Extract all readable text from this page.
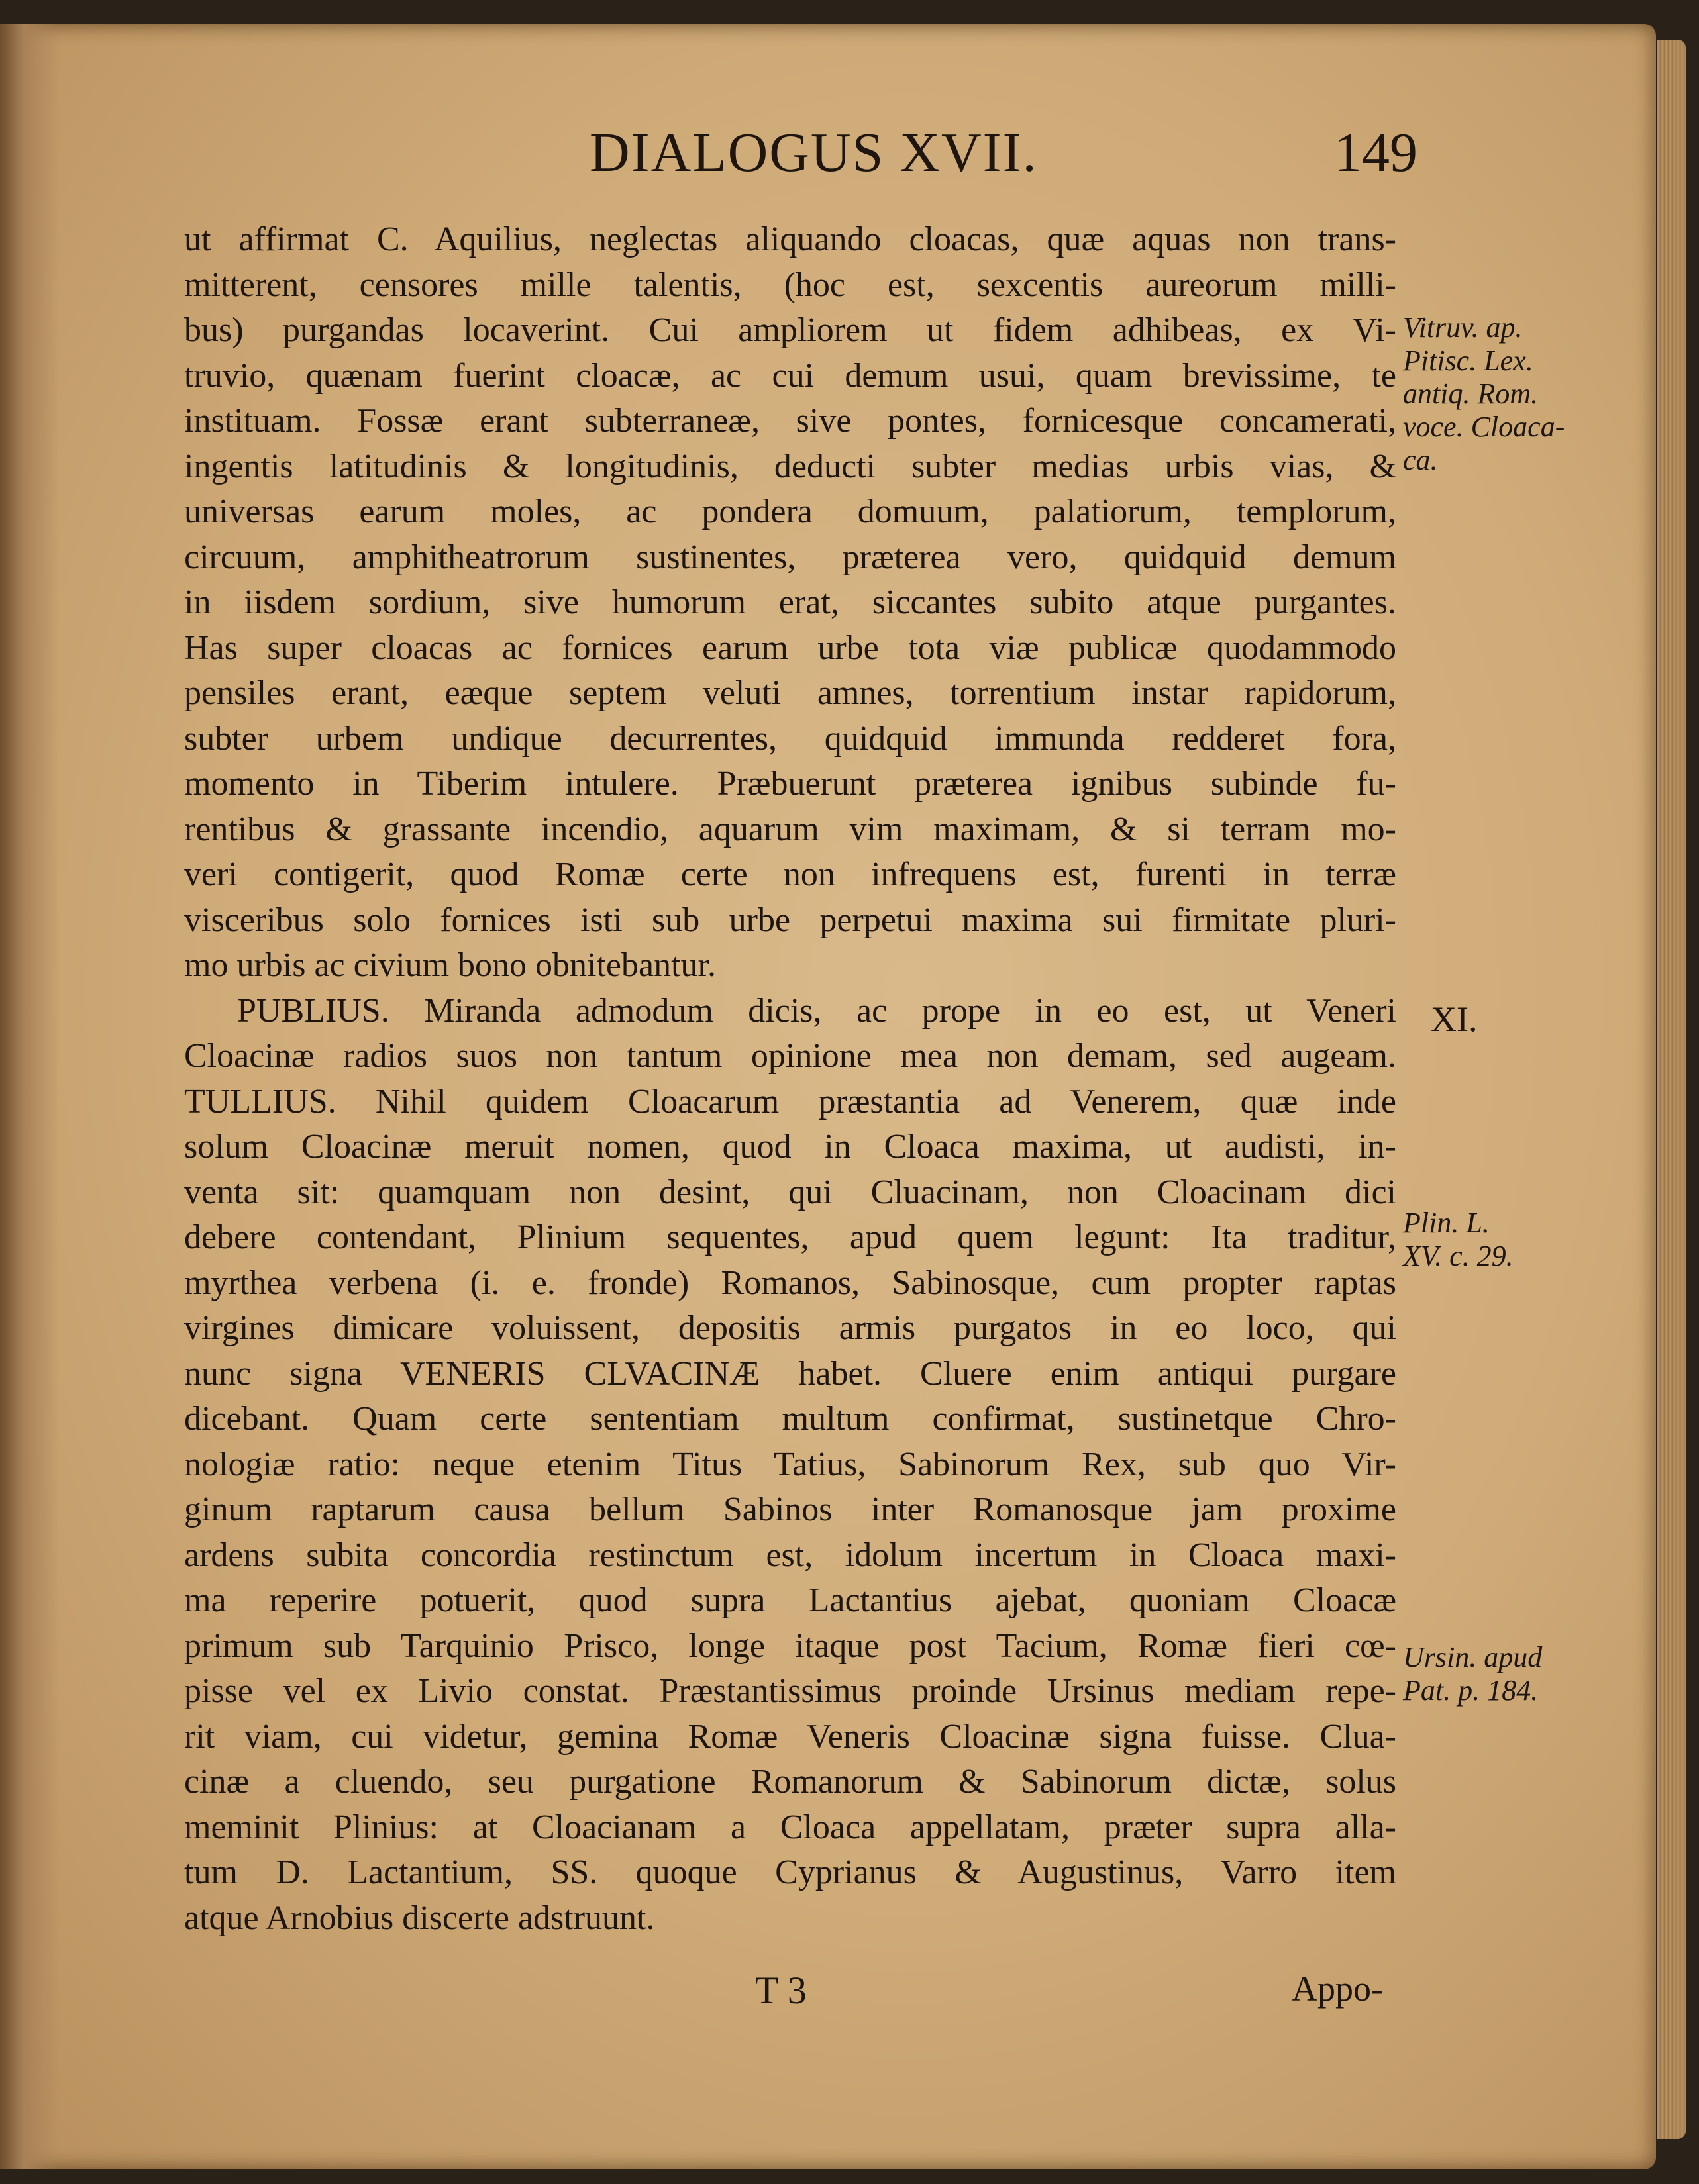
DIALOGUS XVII.	149
ut affirmat C. Aquilius, neglectas aliquando cloacas, quæ aquas non trans-
mitterent, censores mille talentis, (hoc est, sexcentis aureorum milli-
bus) purgandas locaverint. Cui ampliorem ut fidem adhibeas, ex Vi-
truvio, quænam fuerint cloacæ, ac cui demum usui, quam brevissime, te
instituam. Fossæ erant subterraneæ, sive pontes, fornicesque concamerati,
ingentis latitudinis & longitudinis, deducti subter medias urbis vias, &
universas earum moles, ac pondera domuum, palatiorum, templorum,
circuum, amphitheatrorum sustinentes, præterea vero, quidquid demum
in iisdem sordium, sive humorum erat, siccantes subito atque purgantes.
Has super cloacas ac fornices earum urbe tota viæ publicæ quodammodo
pensiles erant, eæque septem veluti amnes, torrentium instar rapidorum,
subter urbem undique decurrentes, quidquid immunda redderet fora,
momento in Tiberim intulere. Præbuerunt præterea ignibus subinde fu-
rentibus & grassante incendio, aquarum vim maximam, & si terram mo-
veri contigerit, quod Romæ certe non infrequens est, furenti in terræ
visceribus solo fornices isti sub urbe perpetui maxima sui firmitate pluri-
mo urbis ac civium bono obnitebantur.
PUBLIUS. Miranda admodum dicis, ac prope in eo est, ut Veneri
Cloacinæ radios suos non tantum opinione mea non demam, sed augeam.
TULLIUS. Nihil quidem Cloacarum præstantia ad Venerem, quæ inde
solum Cloacinæ meruit nomen, quod in Cloaca maxima, ut audisti, in-
venta sit: quamquam non desint, qui Cluacinam, non Cloacinam dici
debere contendant, Plinium sequentes, apud quem legunt: Ita traditur,
myrthea verbena (i. e. fronde) Romanos, Sabinosque, cum propter raptas
virgines dimicare voluissent, depositis armis purgatos in eo loco, qui
nunc signa VENERIS CLVACINÆ habet. Cluere enim antiqui purgare
dicebant. Quam certe sententiam multum confirmat, sustinetque Chro-
nologiæ ratio: neque etenim Titus Tatius, Sabinorum Rex, sub quo Vir-
ginum raptarum causa bellum Sabinos inter Romanosque jam proxime
ardens subita concordia restinctum est, idolum incertum in Cloaca maxi-
ma reperire potuerit, quod supra Lactantius ajebat, quoniam Cloacæ
primum sub Tarquinio Prisco, longe itaque post Tacium, Romæ fieri cœ-
pisse vel ex Livio constat. Præstantissimus proinde Ursinus mediam repe-
rit viam, cui videtur, gemina Romæ Veneris Cloacinæ signa fuisse. Clua-
cinæ a cluendo, seu purgatione Romanorum & Sabinorum dictæ, solus
meminit Plinius: at Cloacianam a Cloaca appellatam, præter supra alla-
tum D. Lactantium, SS. quoque Cyprianus & Augustinus, Varro item
atque Arnobius discerte adstruunt.
Vitruv. ap.
Pitisc. Lex.
antiq. Rom.
voce. Cloaca-
ca.
XI.
Plin. L.
XV. c. 29.
Ursin. apud
Pat. p. 184.
T 3	Appo-
